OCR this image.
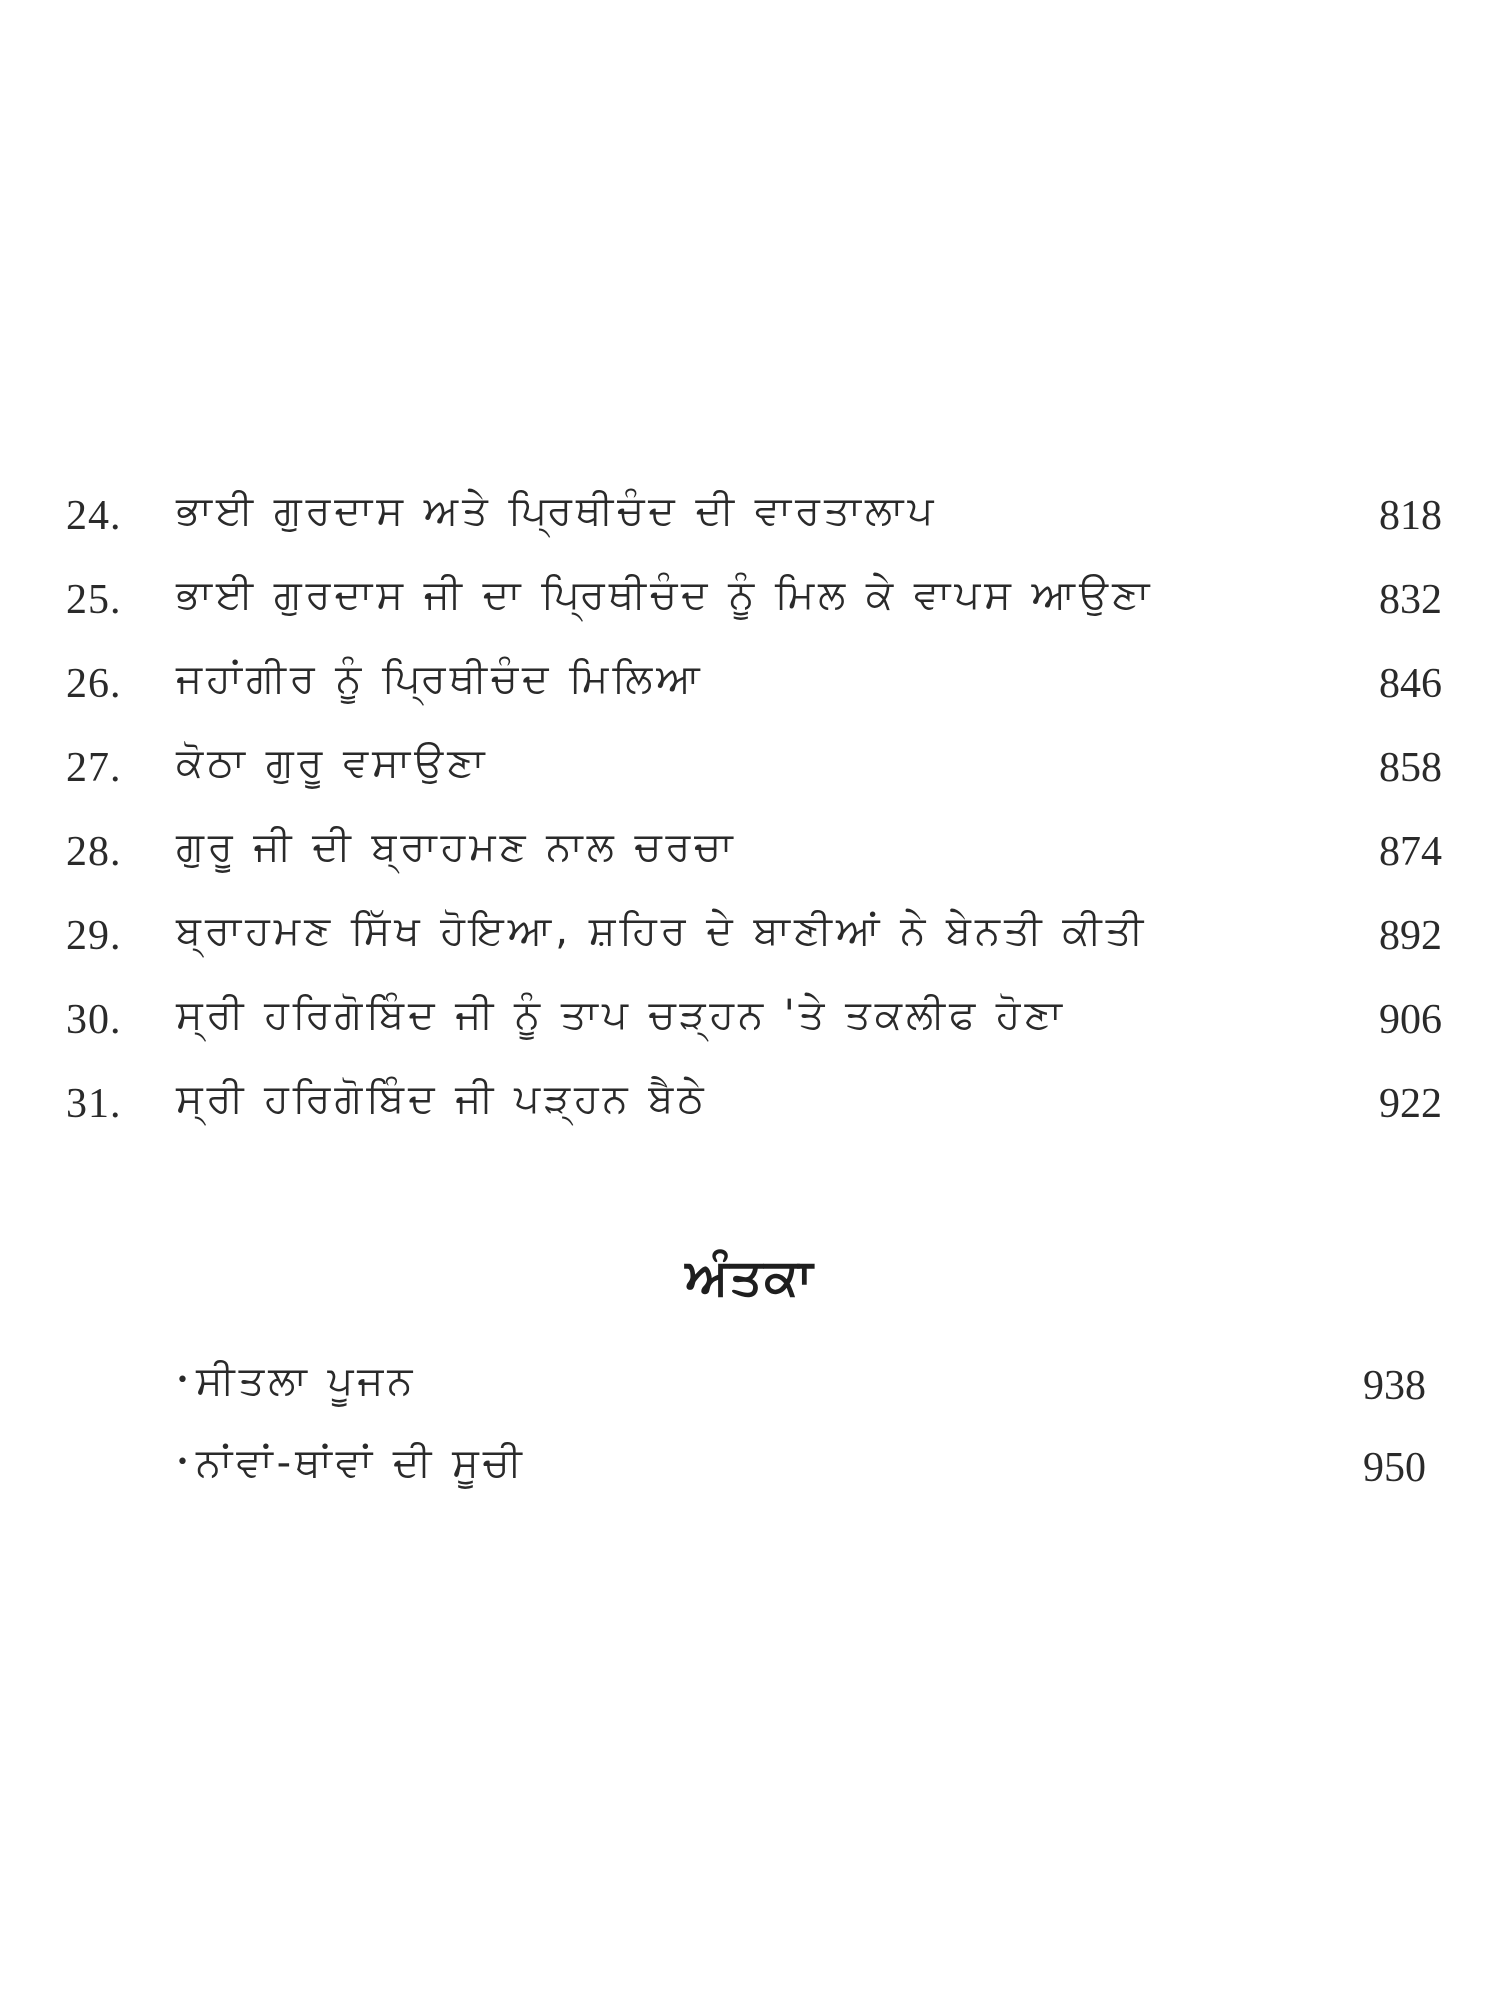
24. ਭਾਈ ਗੁਰਦਾਸ ਅਤੇ ਪ੍ਰਿਥੀਚੰਦ ਦੀ ਵਾਰਤਾਲਾਪ	818
25. ਭਾਈ ਗੁਰਦਾਸ ਜੀ ਦਾ ਪ੍ਰਿਥੀਚੰਦ ਨੂੰ ਮਿਲ ਕੇ ਵਾਪਸ ਆਉਣਾ	832
26. ਜਹਾਂਗੀਰ ਨੂੰ ਪ੍ਰਿਥੀਚੰਦ ਮਿਲਿਆ	846
27. ਕੋਠਾ ਗੁਰੂ ਵਸਾਉਣਾ	858
28. ਗੁਰੂ ਜੀ ਦੀ ਬ੍ਰਾਹਮਣ ਨਾਲ ਚਰਚਾ	874
29. ਬ੍ਰਾਹਮਣ ਸਿੱਖ ਹੋਇਆ, ਸ਼ਹਿਰ ਦੇ ਬਾਣੀਆਂ ਨੇ ਬੇਨਤੀ ਕੀਤੀ	892
30. ਸ੍ਰੀ ਹਰਿਗੋਬਿੰਦ ਜੀ ਨੂੰ ਤਾਪ ਚੜ੍ਹਨ 'ਤੇ ਤਕਲੀਫ ਹੋਣਾ	906
31. ਸ੍ਰੀ ਹਰਿਗੋਬਿੰਦ ਜੀ ਪੜ੍ਹਨ ਬੈਠੇ	922
ਅੰਤਕਾ
• ਸੀਤਲਾ ਪੂਜਨ	938
• ਨਾਂਵਾਂ-ਥਾਂਵਾਂ ਦੀ ਸੂਚੀ	950
